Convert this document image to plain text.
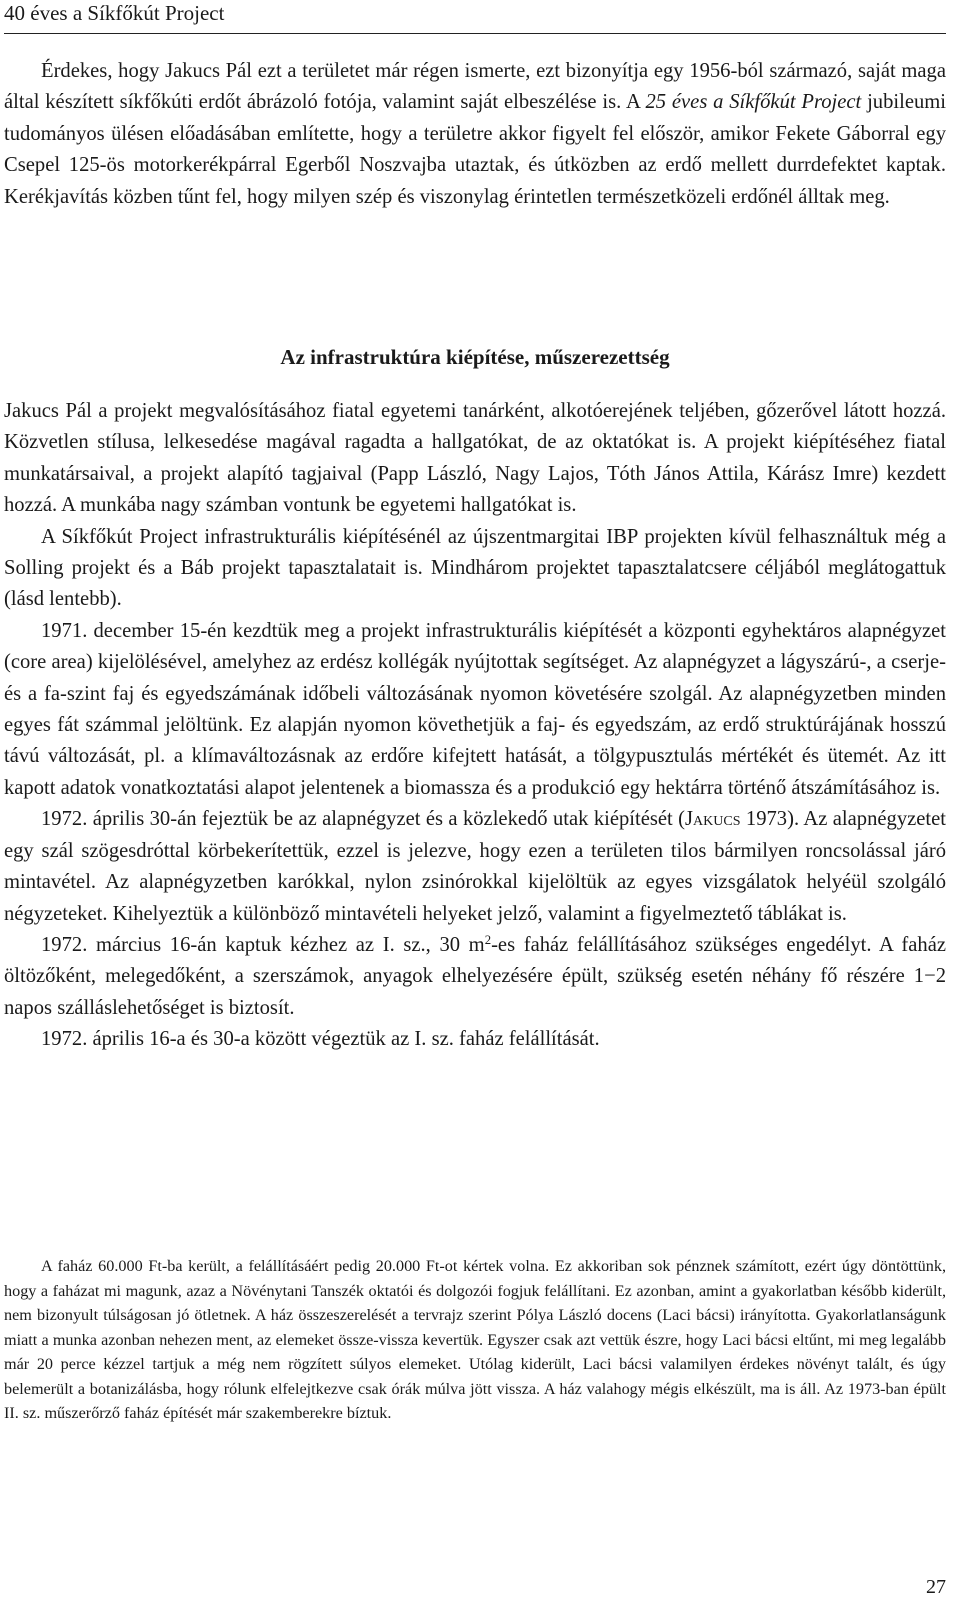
40 éves a Síkfőkút Project

Érdekes, hogy Jakucs Pál ezt a területet már régen ismerte, ezt bizonyítja egy 1956-ból származó, saját maga által készített síkfőkúti erdőt ábrázoló fotója, valamint saját elbeszélése is. A 25 éves a Síkfőkút Project jubileumi tudományos ülésen előadásában említette, hogy a területre akkor figyelt fel először, amikor Fekete Gáborral egy Csepel 125-ös motorkerékpárral Egerből Noszvajba utaztak, és útközben az erdő mellett durrdefektet kaptak. Kerékjavítás közben tűnt fel, hogy milyen szép és viszonylag érintetlen természetközeli erdőnél álltak meg.

Az infrastruktúra kiépítése, műszerezettség

Jakucs Pál a projekt megvalósításához fiatal egyetemi tanárként, alkotóerejének teljében, gőzerővel látott hozzá. Közvetlen stílusa, lelkesedése magával ragadta a hallgatókat, de az oktatókat is. A projekt kiépítéséhez fiatal munkatársaival, a projekt alapító tagjaival (Papp László, Nagy Lajos, Tóth János Attila, Kárász Imre) kezdett hozzá. A munkába nagy számban vontunk be egyetemi hallgatókat is.

A Síkfőkút Project infrastrukturális kiépítésénél az újszentmargitai IBP projekten kívül felhasználtuk még a Solling projekt és a Báb projekt tapasztalatait is. Mindhárom projektet tapasztalatcsere céljából meglátogattuk (lásd lentebb).

1971. december 15-én kezdtük meg a projekt infrastrukturális kiépítését a központi egyhektáros alapnégyzet (core area) kijelölésével, amelyhez az erdész kollégák nyújtottak segítséget. Az alapnégyzet a lágyszárú-, a cserje- és a fa-szint faj és egyedszámának időbeli változásának nyomon követésére szolgál. Az alapnégyzetben minden egyes fát számmal jelöltünk. Ez alapján nyomon követhetjük a faj- és egyedszám, az erdő struktúrájának hosszú távú változását, pl. a klímaváltozásnak az erdőre kifejtett hatását, a tölgypusztulás mértékét és ütemét. Az itt kapott adatok vonatkoztatási alapot jelentenek a biomassza és a produkció egy hektárra történő átszámításához is.

1972. április 30-án fejeztük be az alapnégyzet és a közlekedő utak kiépítését (Jakucs 1973). Az alapnégyzetet egy szál szögesdróttal körbekerítettük, ezzel is jelezve, hogy ezen a területen tilos bármilyen roncsolással járó mintavétel. Az alapnégyzetben karókkal, nylon zsinórokkal kijelöltük az egyes vizsgálatok helyéül szolgáló négyzeteket. Kihelyeztük a különböző mintavételi helyeket jelző, valamint a figyelmeztető táblákat is.

1972. március 16-án kaptuk kézhez az I. sz., 30 $m^2-es$ faház felállításához szükséges engedélyt. A faház öltözőként, melegedőként, a szerszámok, anyagok elhelyezésére épült, szükség esetén néhány fő részére 1−2 napos szálláslehetőséget is biztosít.

1972. április 16-a és 30-a között végeztük az I. sz. faház felállítását.

A faház 60.000 Ft-ba került, a felállításáért pedig 20.000 Ft-ot kértek volna. Ez akkoriban sok pénznek számított, ezért úgy döntöttünk, hogy a faházat mi magunk, azaz a Növénytani Tanszék oktatói és dolgozói fogjuk felállítani. Ez azonban, amint a gyakorlatban később kiderült, nem bizonyult túlságosan jó ötletnek. A ház összeszerelését a tervrajz szerint Pólya László docens (Laci bácsi) irányította. Gyakorlatlanságunk miatt a munka azonban nehezen ment, az elemeket össze-vissza kevertük. Egyszer csak azt vettük észre, hogy Laci bácsi eltűnt, mi meg legalább már 20 perce kézzel tartjuk a még nem rögzített súlyos elemeket. Utólag kiderült, Laci bácsi valamilyen érdekes növényt talált, és úgy belemerült a botanizálásba, hogy rólunk elfelejtkezve csak órák múlva jött vissza. A ház valahogy mégis elkészült, ma is áll. Az 1973-ban épült II. sz. műszerőrző faház építését már szakemberekre bíztuk.

27
